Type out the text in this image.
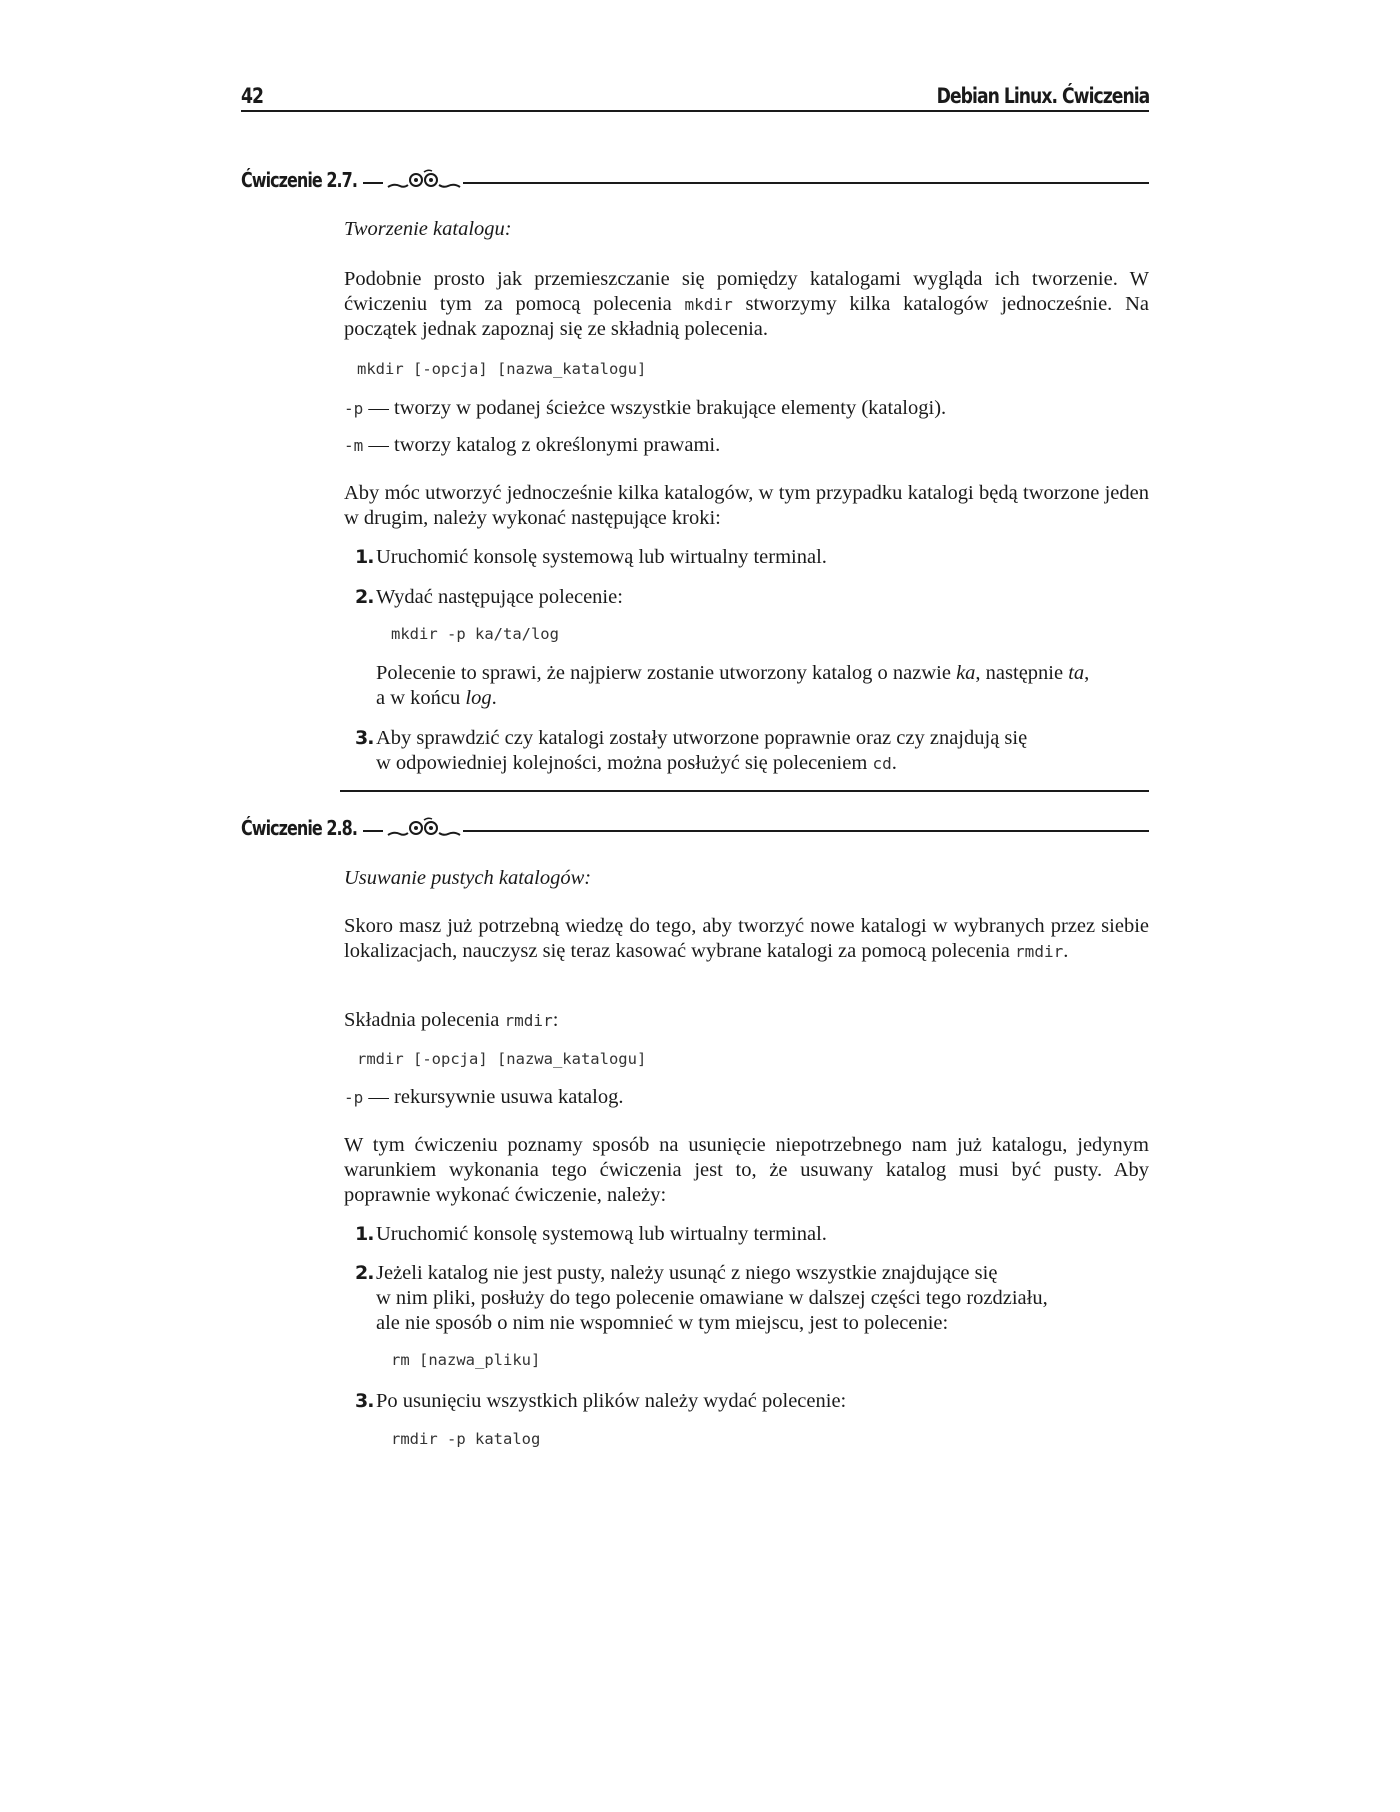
42	Debian Linux. Ćwiczenia
Ćwiczenie 2.7.

Tworzenie katalogu:

Podobnie prosto jak przemieszczanie się pomiędzy katalogami wygląda ich tworzenie. W ćwiczeniu tym za pomocą polecenia mkdir stworzymy kilka katalogów jednocześnie. Na początek jednak zapoznaj się ze składnią polecenia.

mkdir [-opcja] [nazwa_katalogu]

-p — tworzy w podanej ścieżce wszystkie brakujące elementy (katalogi).

-m — tworzy katalog z określonymi prawami.

Aby móc utworzyć jednocześnie kilka katalogów, w tym przypadku katalogi będą tworzone jeden w drugim, należy wykonać następujące kroki:

1. Uruchomić konsolę systemową lub wirtualny terminal.

2. Wydać następujące polecenie:

mkdir -p ka/ta/log

Polecenie to sprawi, że najpierw zostanie utworzony katalog o nazwie ka, następnie ta,
a w końcu log.

3. Aby sprawdzić czy katalogi zostały utworzone poprawnie oraz czy znajdują się
w odpowiedniej kolejności, można posłużyć się poleceniem cd.

Ćwiczenie 2.8.

Usuwanie pustych katalogów:

Skoro masz już potrzebną wiedzę do tego, aby tworzyć nowe katalogi w wybranych przez siebie lokalizacjach, nauczysz się teraz kasować wybrane katalogi za pomocą polecenia rmdir.

Składnia polecenia rmdir:

rmdir [-opcja] [nazwa_katalogu]

-p — rekursywnie usuwa katalog.

W tym ćwiczeniu poznamy sposób na usunięcie niepotrzebnego nam już katalogu, jedynym warunkiem wykonania tego ćwiczenia jest to, że usuwany katalog musi być pusty. Aby poprawnie wykonać ćwiczenie, należy:

1. Uruchomić konsolę systemową lub wirtualny terminal.

2. Jeżeli katalog nie jest pusty, należy usunąć z niego wszystkie znajdujące się
w nim pliki, posłuży do tego polecenie omawiane w dalszej części tego rozdziału,
ale nie sposób o nim nie wspomnieć w tym miejscu, jest to polecenie:

rm [nazwa_pliku]
3. Po usunięciu wszystkich plików należy wydać polecenie:

rmdir -p katalog
